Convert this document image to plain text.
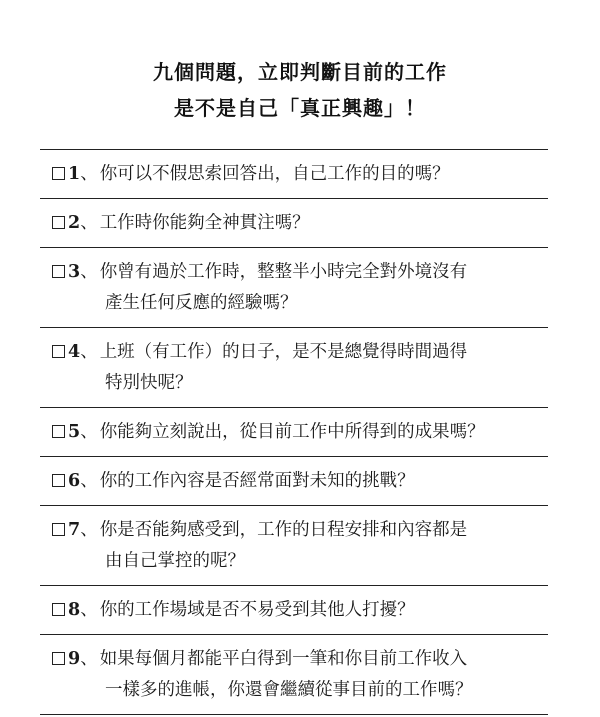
九個問題，立即判斷目前的工作
是不是自己「真正興趣」！
1、 你可以不假思索回答出，自己工作的目的嗎？
2、 工作時你能夠全神貫注嗎？
3、 你曾有過於工作時，整整半小時完全對外境沒有
產生任何反應的經驗嗎？
4、 上班（有工作）的日子，是不是總覺得時間過得
特別快呢？
5、 你能夠立刻說出，從目前工作中所得到的成果嗎？
6、 你的工作內容是否經常面對未知的挑戰？
7、 你是否能夠感受到，工作的日程安排和內容都是
由自己掌控的呢？
8、 你的工作場域是否不易受到其他人打擾？
9、 如果每個月都能平白得到一筆和你目前工作收入
一樣多的進帳，你還會繼續從事目前的工作嗎？
